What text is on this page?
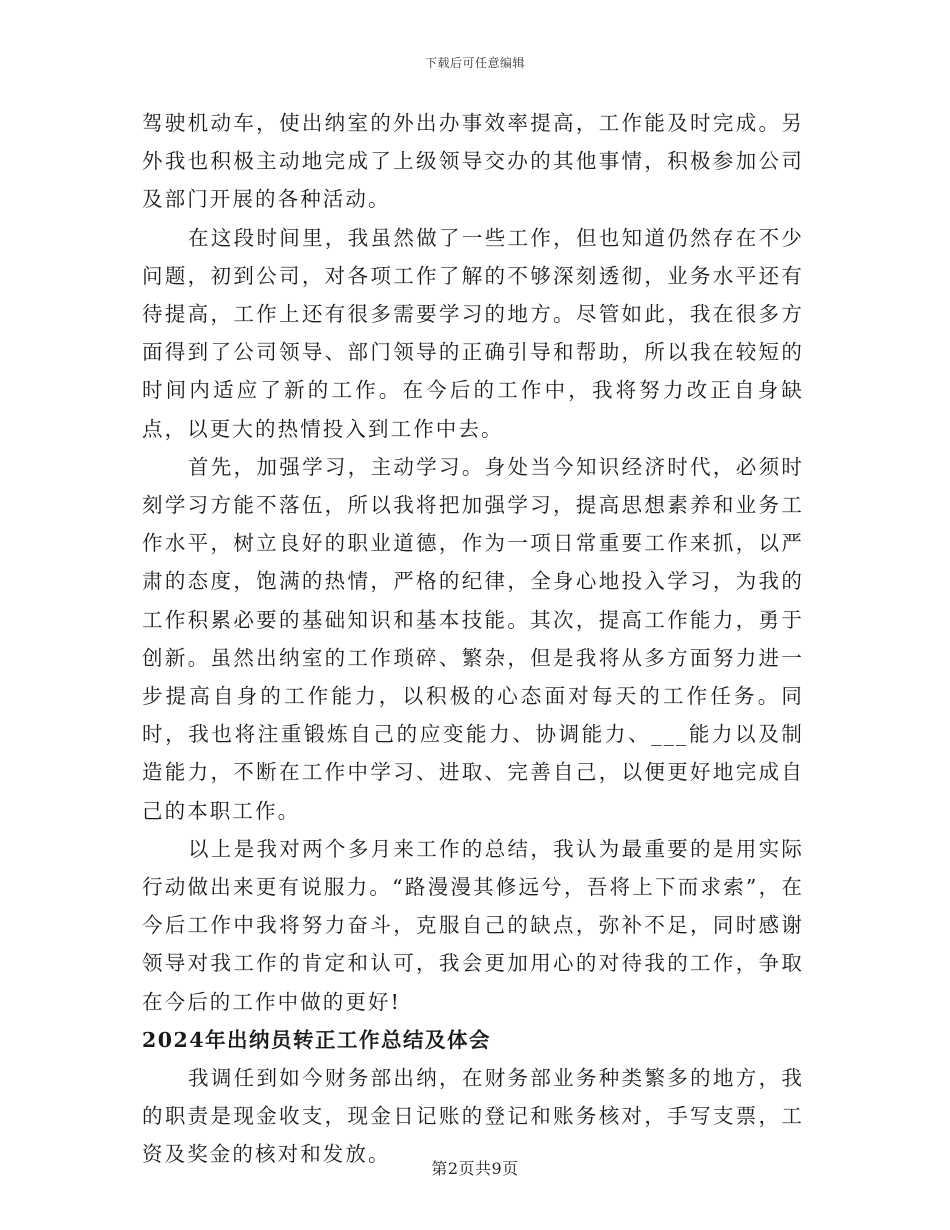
下载后可任意编辑

驾驶机动车，使出纳室的外出办事效率提高，工作能及时完成。另外我也积极主动地完成了上级领导交办的其他事情，积极参加公司及部门开展的各种活动。

在这段时间里，我虽然做了一些工作，但也知道仍然存在不少问题，初到公司，对各项工作了解的不够深刻透彻，业务水平还有待提高，工作上还有很多需要学习的地方。尽管如此，我在很多方面得到了公司领导、部门领导的正确引导和帮助，所以我在较短的时间内适应了新的工作。在今后的工作中，我将努力改正自身缺点，以更大的热情投入到工作中去。

首先，加强学习，主动学习。身处当今知识经济时代，必须时刻学习方能不落伍，所以我将把加强学习，提高思想素养和业务工作水平，树立良好的职业道德，作为一项日常重要工作来抓，以严肃的态度，饱满的热情，严格的纪律，全身心地投入学习，为我的工作积累必要的基础知识和基本技能。其次，提高工作能力，勇于创新。虽然出纳室的工作琐碎、繁杂，但是我将从多方面努力进一步提高自身的工作能力，以积极的心态面对每天的工作任务。同时，我也将注重锻炼自己的应变能力、协调能力、___能力以及制造能力，不断在工作中学习、进取、完善自己，以便更好地完成自己的本职工作。

以上是我对两个多月来工作的总结，我认为最重要的是用实际行动做出来更有说服力。“路漫漫其修远兮，吾将上下而求索”，在今后工作中我将努力奋斗，克服自己的缺点，弥补不足，同时感谢领导对我工作的肯定和认可，我会更加用心的对待我的工作，争取在今后的工作中做的更好!

2024年出纳员转正工作总结及体会

我调任到如今财务部出纳，在财务部业务种类繁多的地方，我的职责是现金收支，现金日记账的登记和账务核对，手写支票，工资及奖金的核对和发放。

第2页共9页
